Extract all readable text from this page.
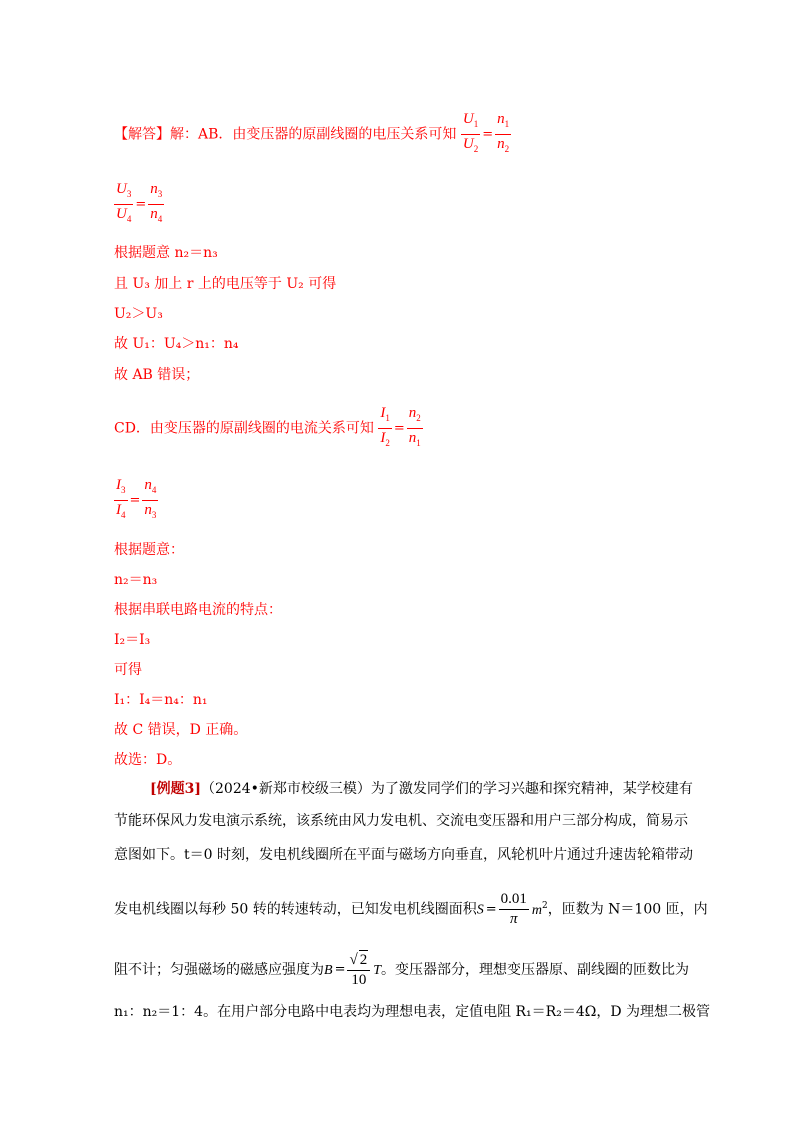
【解答】解：AB．由变压器的原副线圈的电压关系可知 $\frac{U_1}{U_2} = \frac{n_1}{n_2}$
$\frac{U_3}{U_4} = \frac{n_3}{n_4}$
根据题意 n₂＝n₃
且 U₃ 加上 r 上的电压等于 U₂ 可得
U₂＞U₃
故 U₁：U₄＞n₁：n₄
故 AB 错误；
CD．由变压器的原副线圈的电流关系可知 $\frac{I_1}{I_2} = \frac{n_2}{n_1}$
$\frac{I_3}{I_4} = \frac{n_4}{n_3}$
根据题意：
n₂＝n₃
根据串联电路电流的特点：
I₂＝I₃
可得
I₁：I₄＝n₄：n₁
故 C 错误，D 正确。
故选：D。
[例题3]（2024•新郑市校级三模）为了激发同学们的学习兴趣和探究精神，某学校建有
节能环保风力发电演示系统，该系统由风力发电机、交流电变压器和用户三部分构成，简易示
意图如下。t＝0 时刻，发电机线圈所在平面与磁场方向垂直，风轮机叶片通过升速齿轮箱带动
发电机线圈以每秒 50 转的转速转动，已知发电机线圈面积$S = \frac{0.01}{\pi} m^2$，匝数为 N＝100 匝，内
阻不计；匀强磁场的磁感应强度为$B = \frac{√ 2}{10}$ T。变压器部分，理想变压器原、副线圈的匝数比为
n₁：n₂＝1：4。在用户部分电路中电表均为理想电表，定值电阻 R₁＝R₂＝4Ω，D 为理想二极管
